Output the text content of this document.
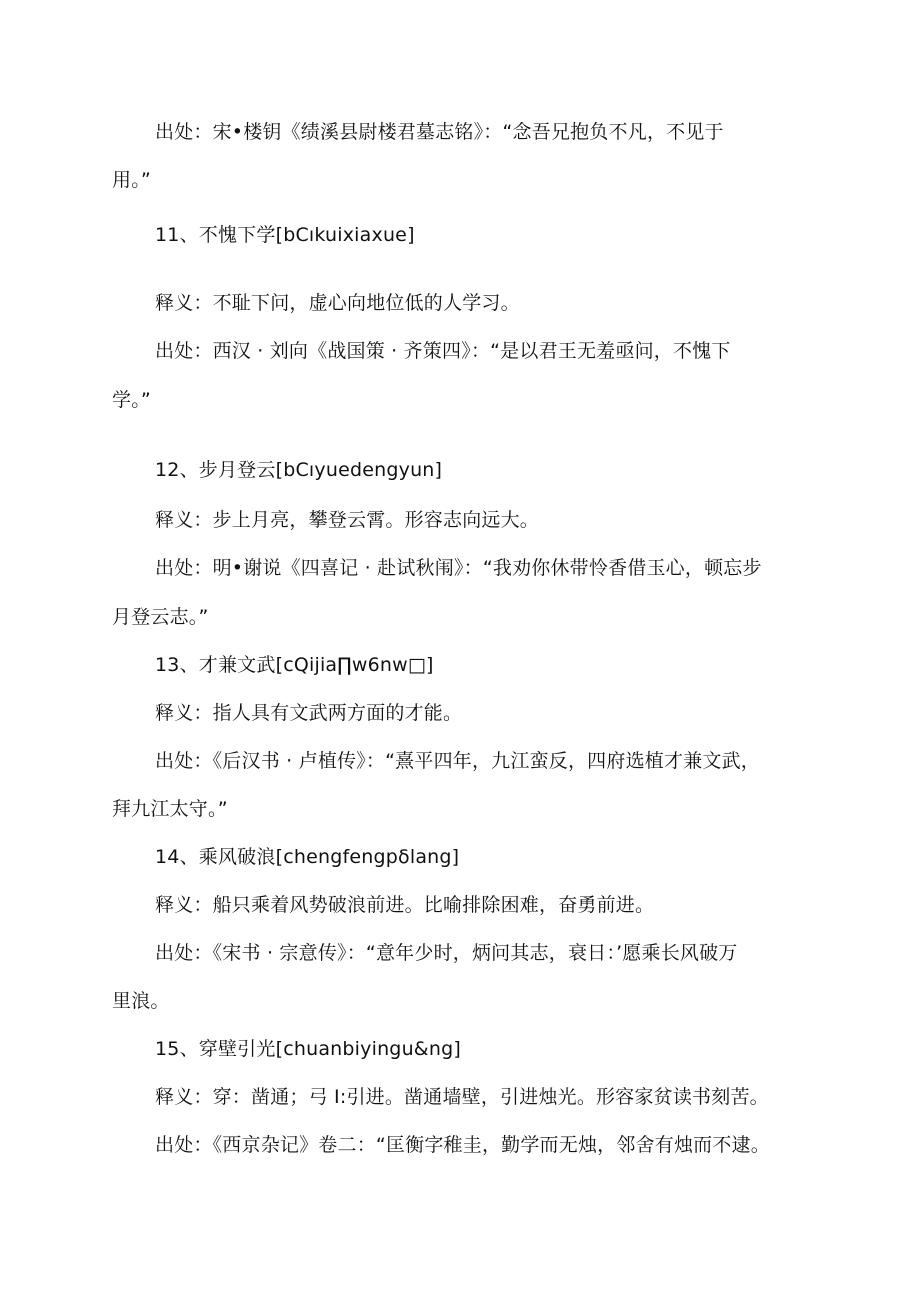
出处：宋•楼钥《绩溪县尉楼君墓志铭》：“念吾兄抱负不凡，不见于
用。”
11、不愧下学[bCıkuixiaxue]
释义：不耻下问，虚心向地位低的人学习。
出处：西汉 · 刘向《战国策 · 齐策四》：“是以君王无羞亟问，不愧下
学。”
12、步月登云[bCıyuedengyun]
释义：步上月亮，攀登云霄。形容志向远大。
出处：明•谢说《四喜记 · 赴试秋闱》：“我劝你休带怜香借玉心，顿忘步
月登云志。”
13、才兼文武[cQijia∏w6nw□]
释义：指人具有文武两方面的才能。
出处：《后汉书 · 卢植传》：“熹平四年，九江蛮反，四府选植才兼文武，
拜九江太守。”
14、乘风破浪[chengfengpδlang]
释义：船只乘着风势破浪前进。比喻排除困难，奋勇前进。
出处：《宋书 · 宗意传》：“意年少时，炳问其志，衰日：’愿乘长风破万
里浪。
15、穿壁引光[chuanbiyingu&ng]
释义：穿：凿通；弓 I:引进。凿通墙壁，引进烛光。形容家贫读书刻苦。
出处：《西京杂记》卷二：“匡衡字稚圭，勤学而无烛，邻舍有烛而不逮。
